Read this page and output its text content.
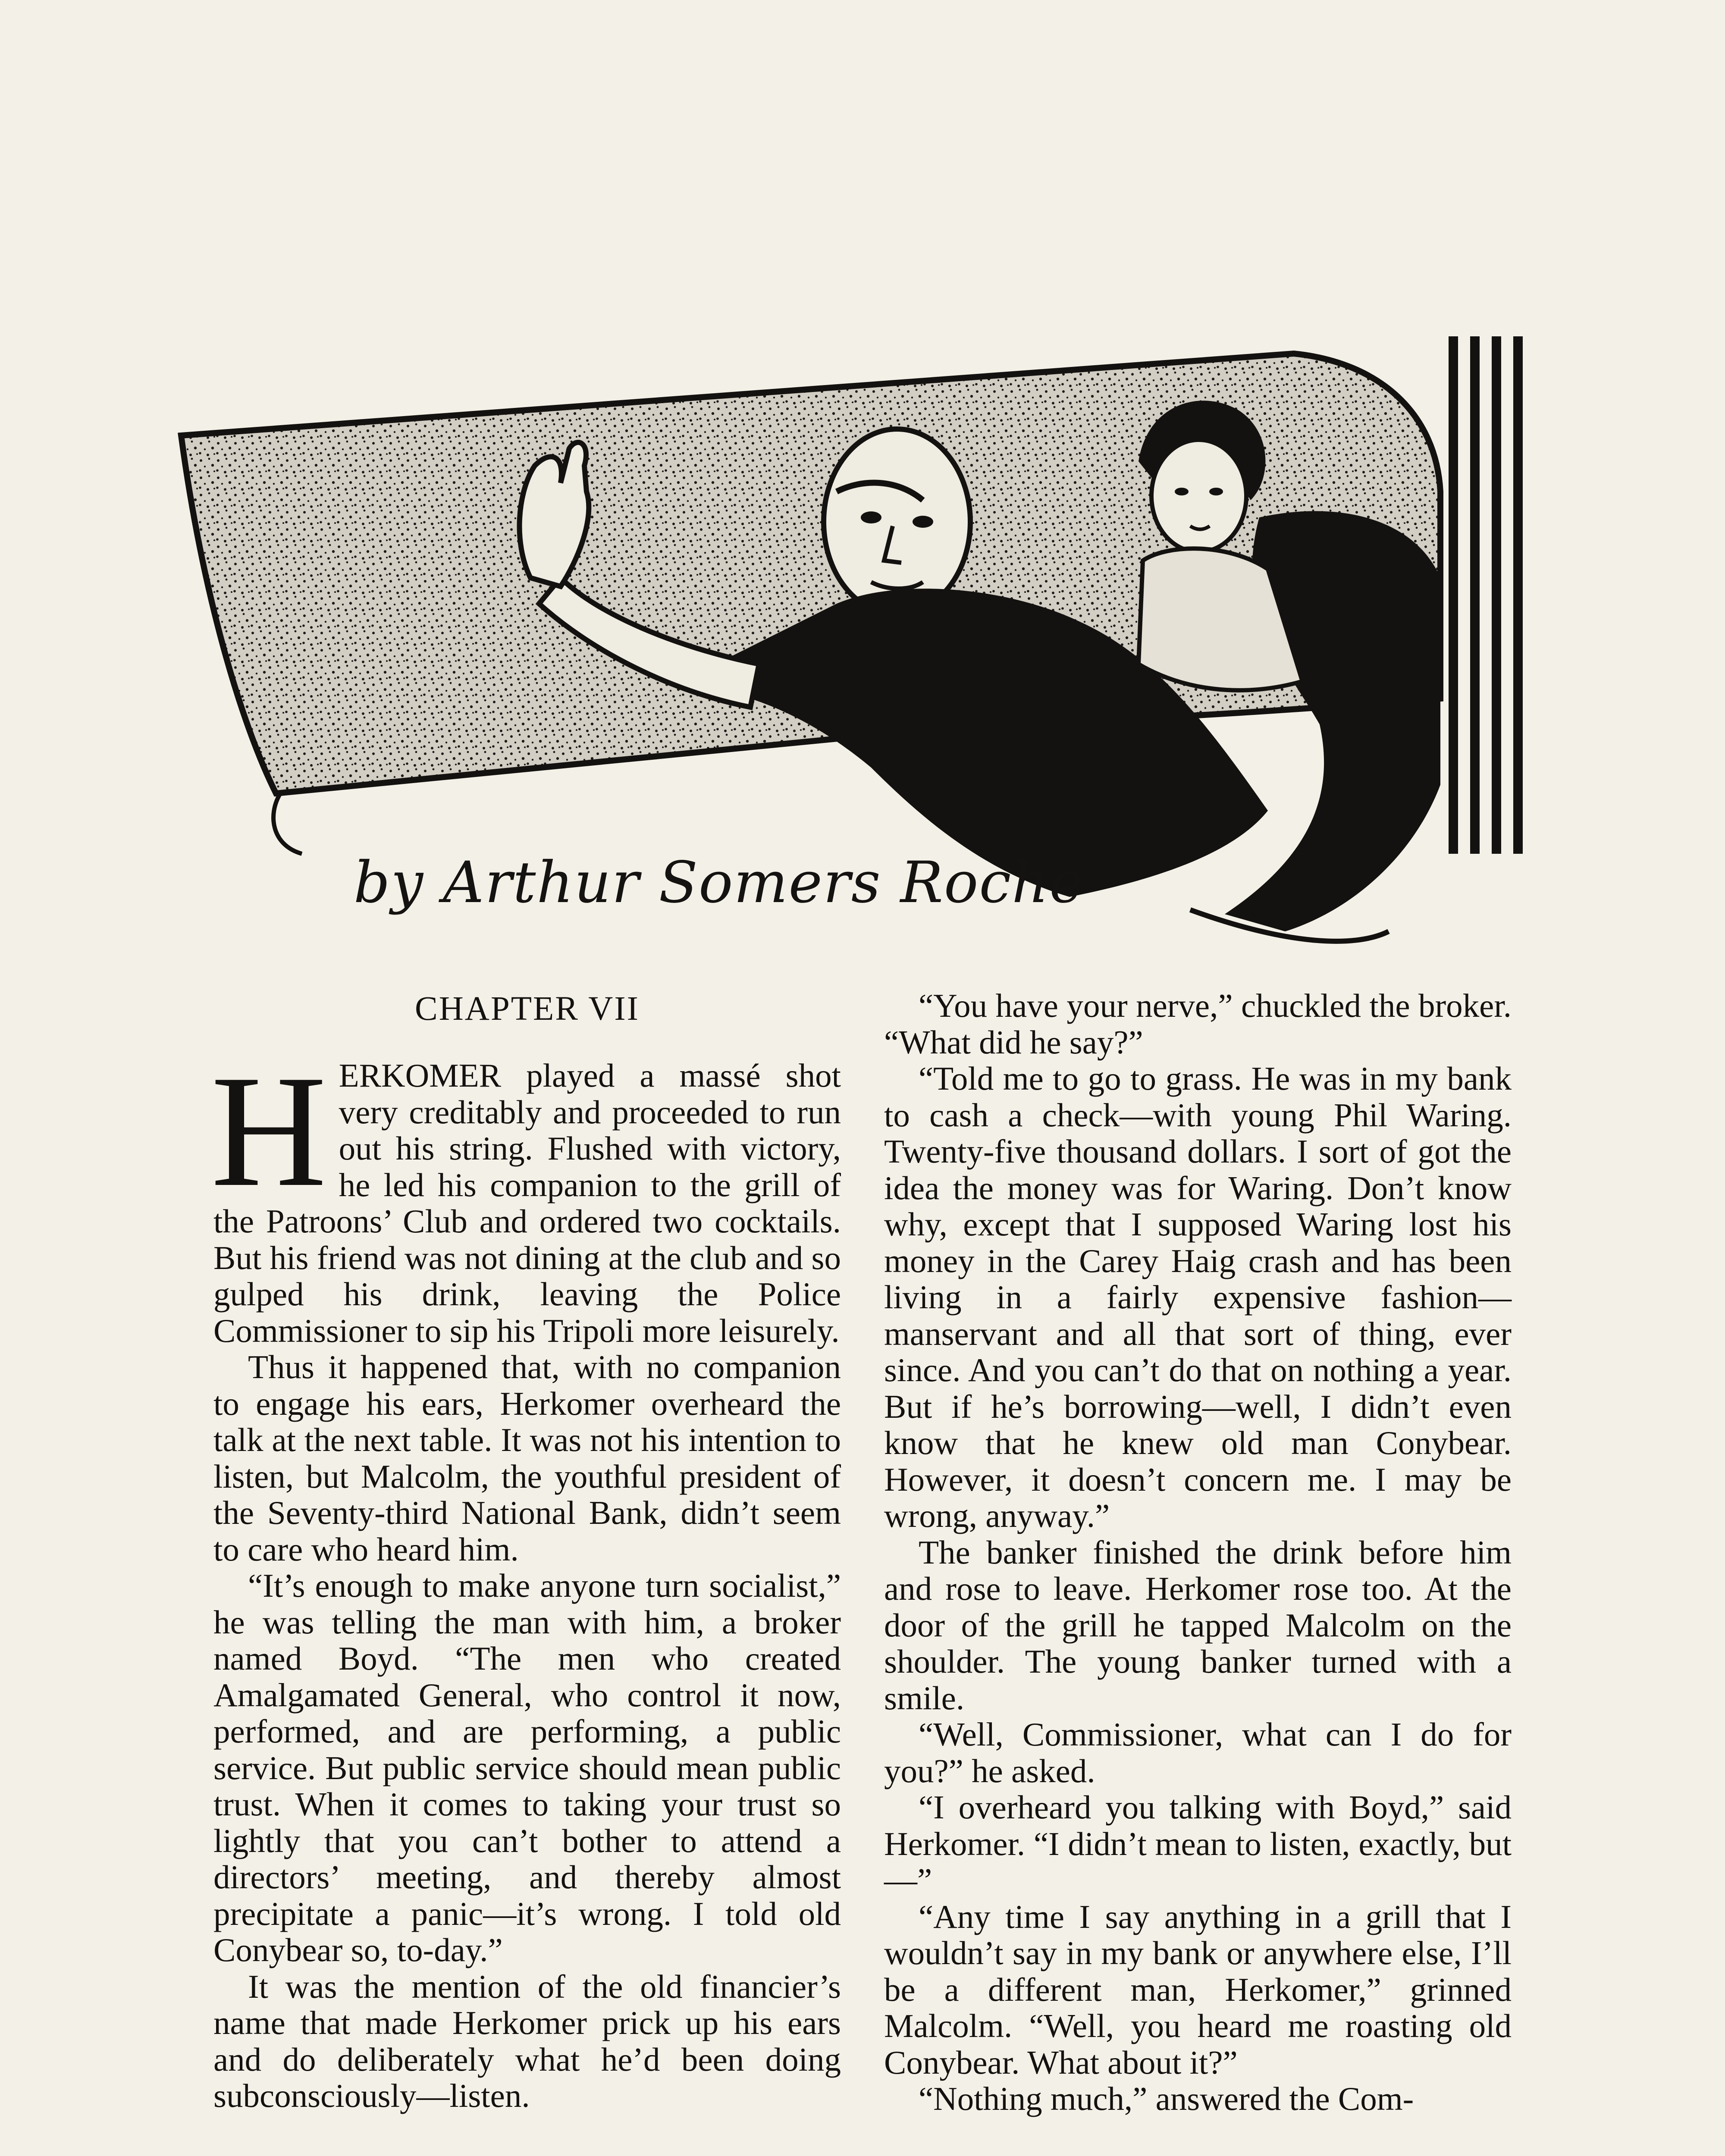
by Arthur Somers Roche
CHAPTER VII

HERKOMER played a massé shot very creditably and proceeded to run out his string. Flushed with victory, he led his companion to the grill of the Patroons’ Club and ordered two cocktails. But his friend was not dining at the club and so gulped his drink, leaving the Police Commissioner to sip his Tripoli more leisurely.

Thus it happened that, with no companion to engage his ears, Herkomer overheard the talk at the next table. It was not his intention to listen, but Malcolm, the youthful president of the Seventy-third National Bank, didn’t seem to care who heard him.

“It’s enough to make anyone turn socialist,” he was telling the man with him, a broker named Boyd. “The men who created Amalgamated General, who control it now, performed, and are performing, a public service. But public service should mean public trust. When it comes to taking your trust so lightly that you can’t bother to attend a directors’ meeting, and thereby almost precipitate a panic—it’s wrong. I told old Conybear so, to-day.”

It was the mention of the old financier’s name that made Herkomer prick up his ears and do deliberately what he’d been doing subconsciously—listen.

“You have your nerve,” chuckled the broker. “What did he say?”

“Told me to go to grass. He was in my bank to cash a check—with young Phil Waring. Twenty-five thousand dollars. I sort of got the idea the money was for Waring. Don’t know why, except that I supposed Waring lost his money in the Carey Haig crash and has been living in a fairly expensive fashion—manservant and all that sort of thing, ever since. And you can’t do that on nothing a year. But if he’s borrowing—well, I didn’t even know that he knew old man Conybear. However, it doesn’t concern me. I may be wrong, anyway.”

The banker finished the drink before him and rose to leave. Herkomer rose too. At the door of the grill he tapped Malcolm on the shoulder. The young banker turned with a smile.

“Well, Commissioner, what can I do for you?” he asked.

“I overheard you talking with Boyd,” said Herkomer. “I didn’t mean to listen, exactly, but—”

“Any time I say anything in a grill that I wouldn’t say in my bank or anywhere else, I’ll be a different man, Herkomer,” grinned Malcolm. “Well, you heard me roasting old Conybear. What about it?”

“Nothing much,” answered the Com-
